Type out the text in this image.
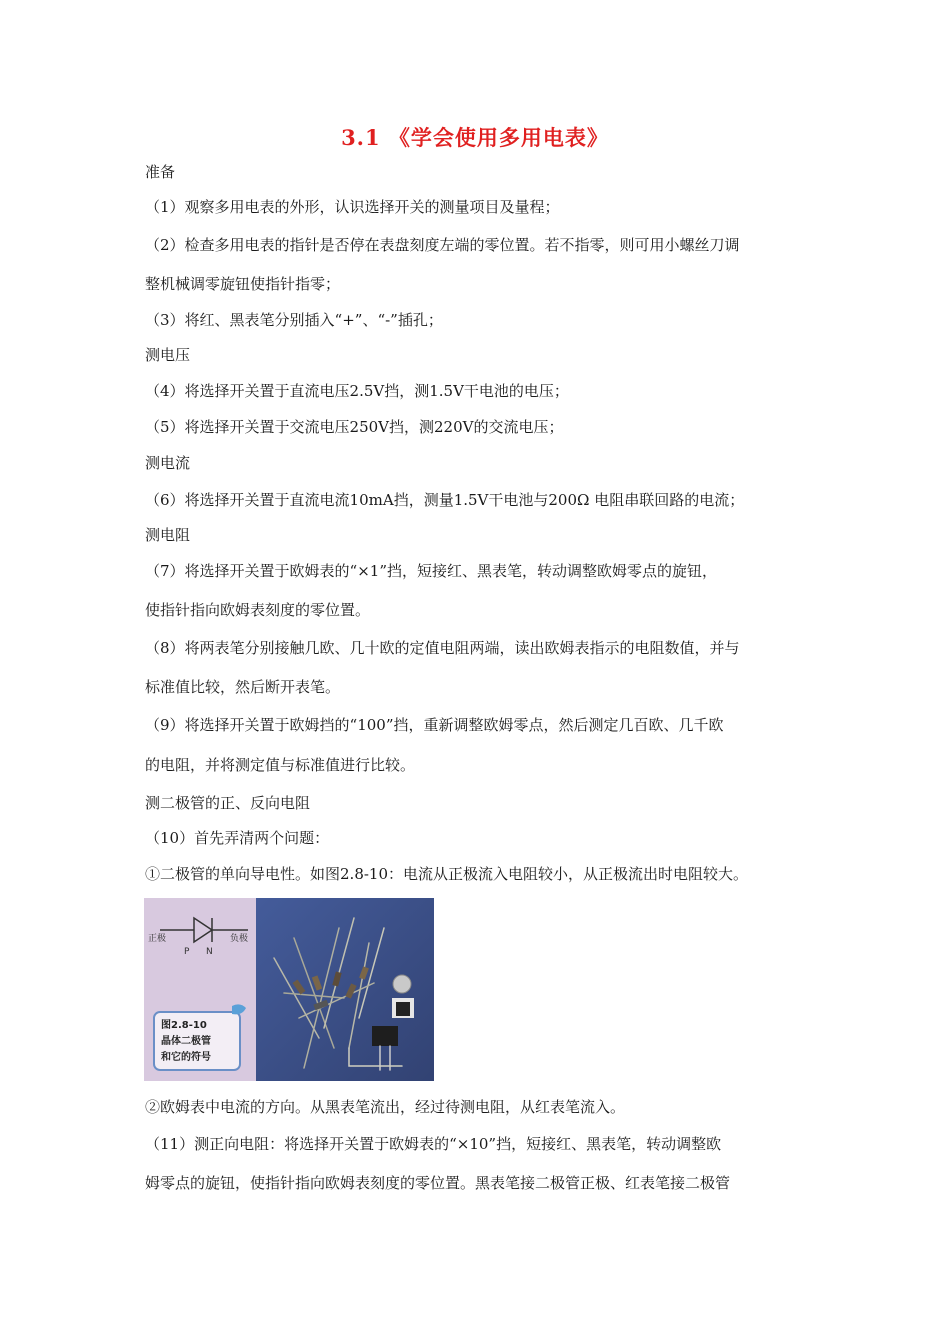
3.1 《学会使用多用电表》
准备
（1）观察多用电表的外形，认识选择开关的测量项目及量程；
（2）检查多用电表的指针是否停在表盘刻度左端的零位置。若不指零，则可用小螺丝刀调
整机械调零旋钮使指针指零；
（3）将红、黑表笔分别插入“+”、“-”插孔；
测电压
（4）将选择开关置于直流电压2.5V挡，测1.5V干电池的电压；
（5）将选择开关置于交流电压250V挡，测220V的交流电压；
测电流
（6）将选择开关置于直流电流10mA挡，测量1.5V干电池与200Ω 电阻串联回路的电流；
测电阻
（7）将选择开关置于欧姆表的“×1”挡，短接红、黑表笔，转动调整欧姆零点的旋钮，
使指针指向欧姆表刻度的零位置。
（8）将两表笔分别接触几欧、几十欧的定值电阻两端，读出欧姆表指示的电阻数值，并与
标准值比较，然后断开表笔。
（9）将选择开关置于欧姆挡的“100”挡，重新调整欧姆零点，然后测定几百欧、几千欧
的电阻，并将测定值与标准值进行比较。
测二极管的正、反向电阻
（10）首先弄清两个问题：
①二极管的单向导电性。如图2.8-10：电流从正极流入电阻较小，从正极流出时电阻较大。
正极	负极
P N
图2.8-10
晶体二极管
和它的符号
②欧姆表中电流的方向。从黑表笔流出，经过待测电阻，从红表笔流入。
（11）测正向电阻：将选择开关置于欧姆表的“×10”挡，短接红、黑表笔，转动调整欧
姆零点的旋钮，使指针指向欧姆表刻度的零位置。黑表笔接二极管正极、红表笔接二极管
